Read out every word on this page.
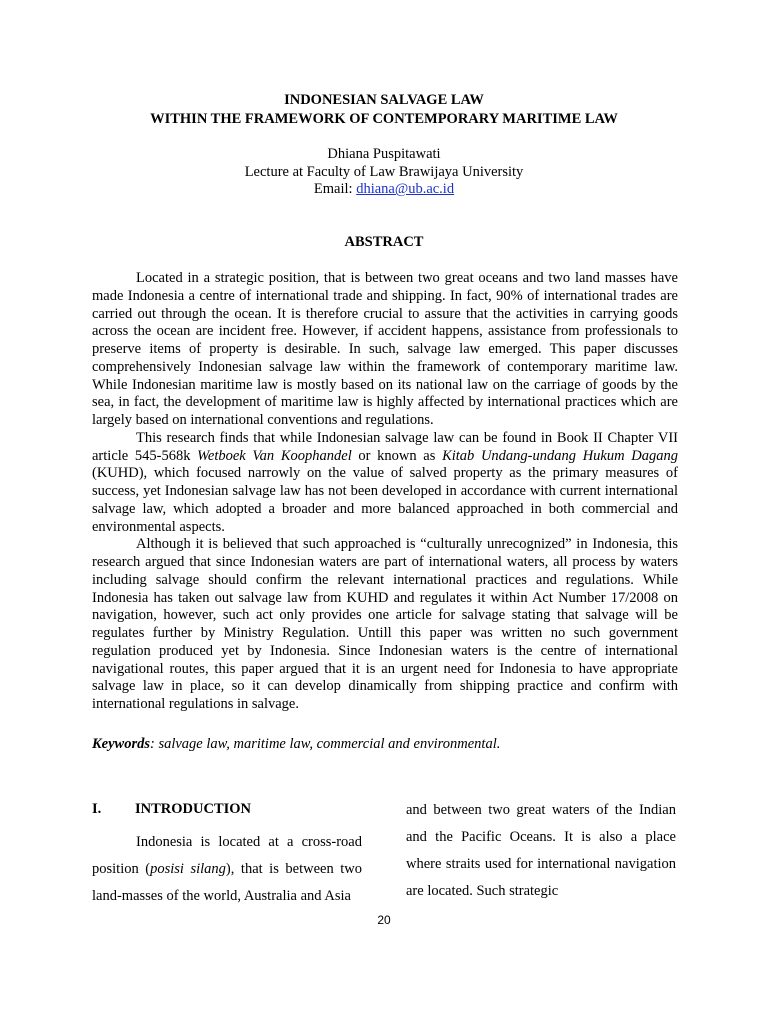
INDONESIAN SALVAGE LAW
WITHIN THE FRAMEWORK OF CONTEMPORARY MARITIME LAW
Dhiana Puspitawati
Lecture at Faculty of Law Brawijaya University
Email: dhiana@ub.ac.id
ABSTRACT

Located in a strategic position, that is between two great oceans and two land masses have made Indonesia a centre of international trade and shipping. In fact, 90% of international trades are carried out through the ocean. It is therefore crucial to assure that the activities in carrying goods across the ocean are incident free. However, if accident happens, assistance from professionals to preserve items of property is desirable. In such, salvage law emerged. This paper discusses comprehensively Indonesian salvage law within the framework of contemporary maritime law. While Indonesian maritime law is mostly based on its national law on the carriage of goods by the sea, in fact, the development of maritime law is highly affected by international practices which are largely based on international conventions and regulations.

This research finds that while Indonesian salvage law can be found in Book II Chapter VII article 545-568k Wetboek Van Koophandel or known as Kitab Undang-undang Hukum Dagang (KUHD), which focused narrowly on the value of salved property as the primary measures of success, yet Indonesian salvage law has not been developed in accordance with current international salvage law, which adopted a broader and more balanced approached in both commercial and environmental aspects.

Although it is believed that such approached is “culturally unrecognized” in Indonesia, this research argued that since Indonesian waters are part of international waters, all process by waters including salvage should confirm the relevant international practices and regulations. While Indonesia has taken out salvage law from KUHD and regulates it within Act Number 17/2008 on navigation, however, such act only provides one article for salvage stating that salvage will be regulates further by Ministry Regulation. Untill this paper was written no such government regulation produced yet by Indonesia. Since Indonesian waters is the centre of international navigational routes, this paper argued that it is an urgent need for Indonesia to have appropriate salvage law in place, so it can develop dinamically from shipping practice and confirm with international regulations in salvage.

Keywords: salvage law, maritime law, commercial and environmental.
I. INTRODUCTION

Indonesia is located at a cross-road position (posisi silang), that is between two land-masses of the world, Australia and Asia

and between two great waters of the Indian and the Pacific Oceans. It is also a place where straits used for international navigation are located. Such strategic

20
